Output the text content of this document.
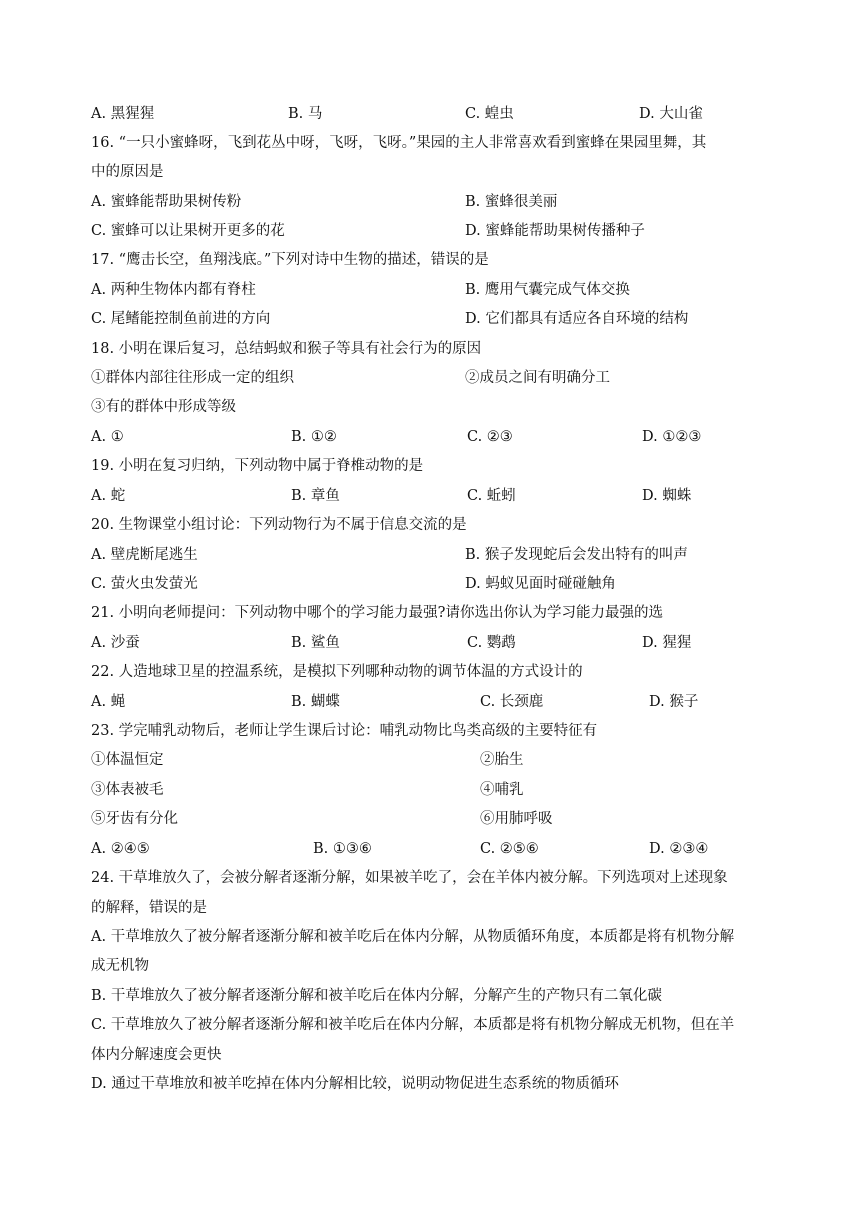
A. 黑猩猩	B. 马	C. 蝗虫	D. 大山雀
16. “一只小蜜蜂呀，飞到花丛中呀，飞呀，飞呀。”果园的主人非常喜欢看到蜜蜂在果园里舞，其
中的原因是
A. 蜜蜂能帮助果树传粉	B. 蜜蜂很美丽
C. 蜜蜂可以让果树开更多的花	D. 蜜蜂能帮助果树传播种子
17. “鹰击长空，鱼翔浅底。”下列对诗中生物的描述，错误的是
A. 两种生物体内都有脊柱	B. 鹰用气囊完成气体交换
C. 尾鳍能控制鱼前进的方向	D. 它们都具有适应各自环境的结构
18. 小明在课后复习，总结蚂蚁和猴子等具有社会行为的原因
①群体内部往往形成一定的组织	②成员之间有明确分工
③有的群体中形成等级
A. ①	B. ①②	C. ②③	D. ①②③
19. 小明在复习归纳，下列动物中属于脊椎动物的是
A. 蛇	B. 章鱼	C. 蚯蚓	D. 蜘蛛
20. 生物课堂小组讨论：下列动物行为不属于信息交流的是
A. 壁虎断尾逃生	B. 猴子发现蛇后会发出特有的叫声
C. 萤火虫发萤光	D. 蚂蚁见面时碰碰触角
21. 小明向老师提问：下列动物中哪个的学习能力最强?请你选出你认为学习能力最强的选
A. 沙蚕	B. 鲨鱼	C. 鹦鹉	D. 猩猩
22. 人造地球卫星的控温系统，是模拟下列哪种动物的调节体温的方式设计的
A. 蝇	B. 蝴蝶	C. 长颈鹿	D. 猴子
23. 学完哺乳动物后，老师让学生课后讨论：哺乳动物比鸟类高级的主要特征有
①体温恒定	②胎生
③体表被毛	④哺乳
⑤牙齿有分化	⑥用肺呼吸
A. ②④⑤	B. ①③⑥	C. ②⑤⑥	D. ②③④
24. 干草堆放久了，会被分解者逐渐分解，如果被羊吃了，会在羊体内被分解。下列选项对上述现象
的解释，错误的是
A. 干草堆放久了被分解者逐渐分解和被羊吃后在体内分解，从物质循环角度，本质都是将有机物分解
成无机物
B. 干草堆放久了被分解者逐渐分解和被羊吃后在体内分解，分解产生的产物只有二氧化碳
C. 干草堆放久了被分解者逐渐分解和被羊吃后在体内分解，本质都是将有机物分解成无机物，但在羊
体内分解速度会更快
D. 通过干草堆放和被羊吃掉在体内分解相比较，说明动物促进生态系统的物质循环
